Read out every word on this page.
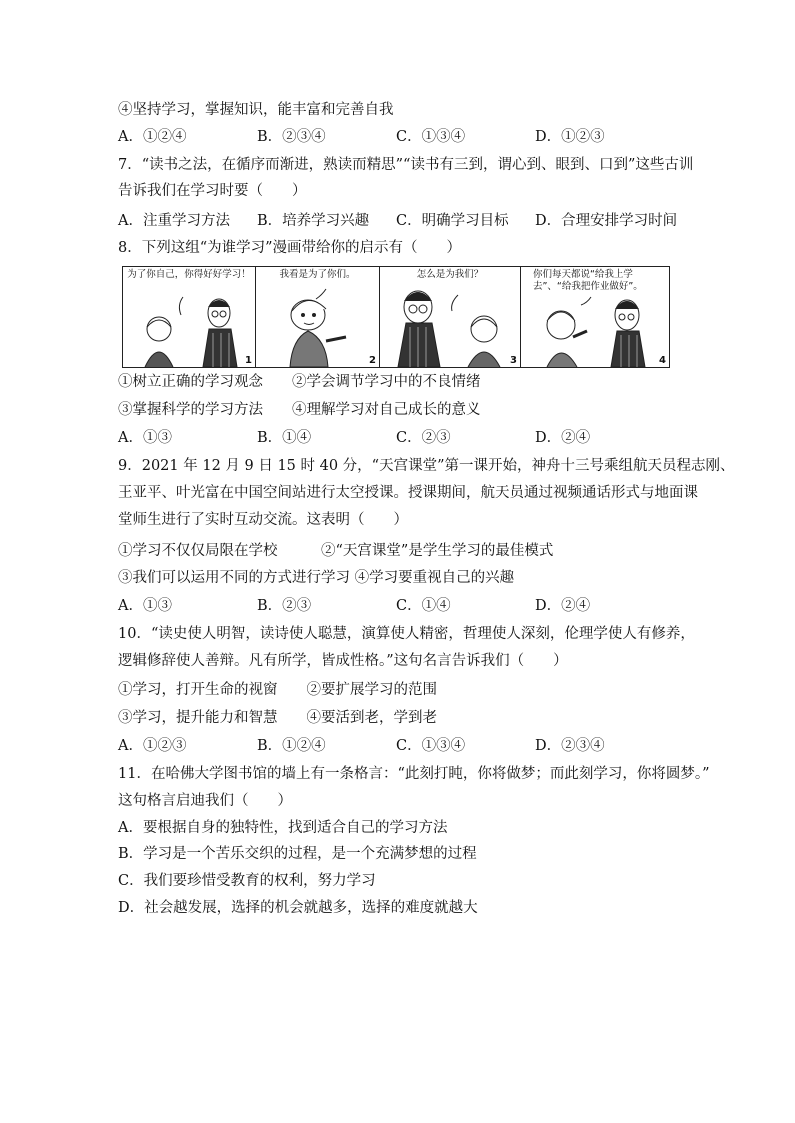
④坚持学习，掌握知识，能丰富和完善自我
A．①②④	B．②③④	C．①③④	D．①②③
7．“读书之法，在循序而渐进，熟读而精思”“读书有三到，谓心到、眼到、口到”这些古训
告诉我们在学习时要（　　）
A．注重学习方法 B．培养学习兴趣 C．明确学习目标 D．合理安排学习时间
8．下列这组“为谁学习”漫画带给你的启示有（　　）
为了你自己，你得好好学习！
1
我看是为了你们。
2
怎么是为我们？
3
你们每天都说“给我上学去”、“给我把作业做好”。
4
①树立正确的学习观念　　②学会调节学习中的不良情绪
③掌握科学的学习方法　　④理解学习对自己成长的意义
A．①③	B．①④	C．②③	D．②④
9．2021 年 12 月 9 日 15 时 40 分，“天宫课堂”第一课开始，神舟十三号乘组航天员程志刚、
王亚平、叶光富在中国空间站进行太空授课。授课期间，航天员通过视频通话形式与地面课
堂师生进行了实时互动交流。这表明（　　）
①学习不仅仅局限在学校　　　②“天宫课堂”是学生学习的最佳模式
③我们可以运用不同的方式进行学习 ④学习要重视自己的兴趣
A．①③	B．②③	C．①④	D．②④
10．“读史使人明智，读诗使人聪慧，演算使人精密，哲理使人深刻，伦理学使人有修养，
逻辑修辞使人善辩。凡有所学，皆成性格。”这句名言告诉我们（　　）
①学习，打开生命的视窗　　②要扩展学习的范围
③学习，提升能力和智慧　　④要活到老，学到老
A．①②③	B．①②④	C．①③④	D．②③④
11．在哈佛大学图书馆的墙上有一条格言：“此刻打盹，你将做梦；而此刻学习，你将圆梦。”
这句格言启迪我们（　　）
A．要根据自身的独特性，找到适合自己的学习方法
B．学习是一个苦乐交织的过程，是一个充满梦想的过程
C．我们要珍惜受教育的权利，努力学习
D．社会越发展，选择的机会就越多，选择的难度就越大
